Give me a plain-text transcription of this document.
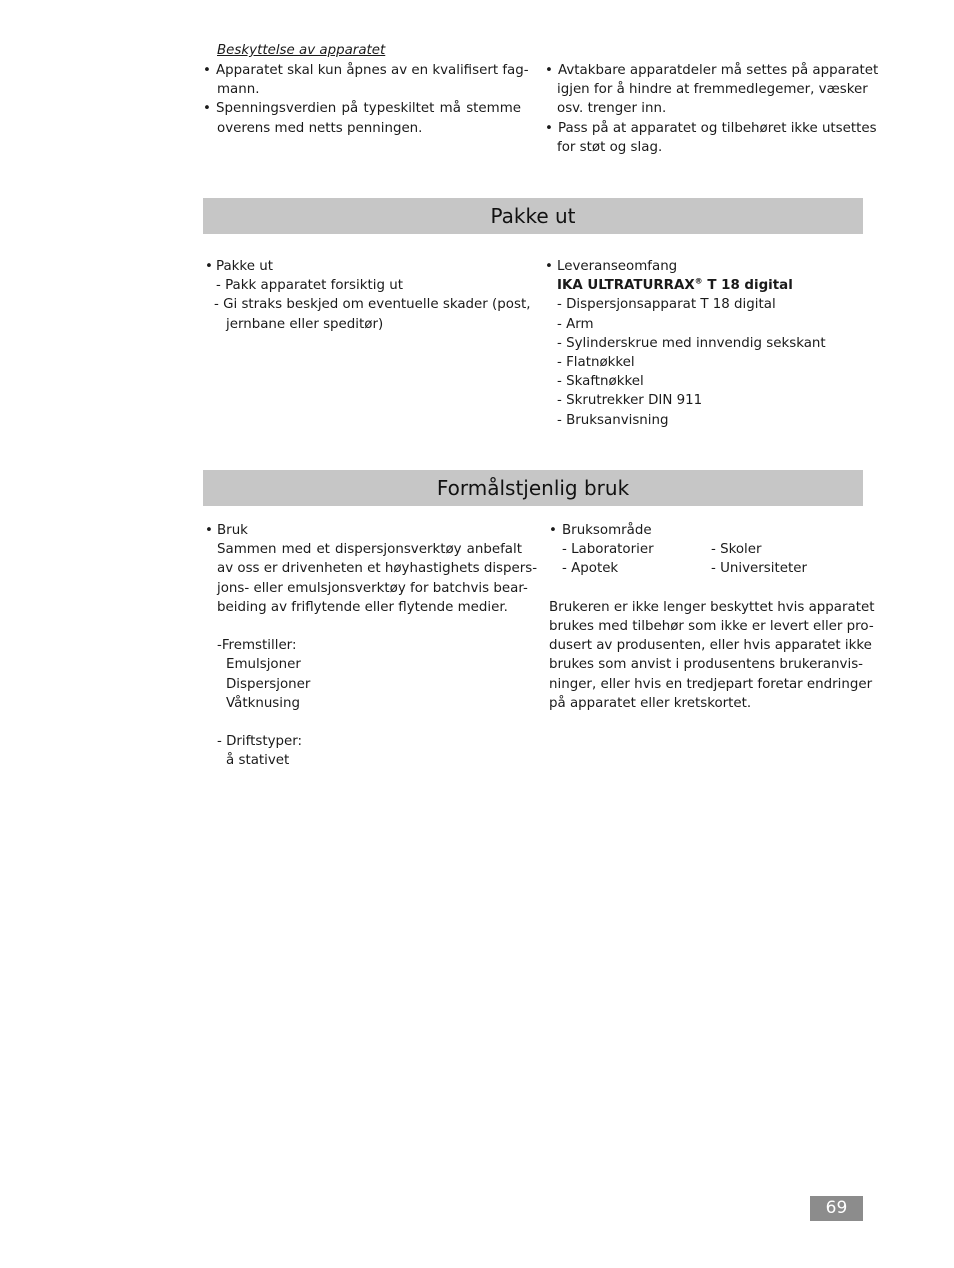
Beskyttelse av apparatet
• Apparatet skal kun åpnes av en kvalifisert fag-
mann.
• Spenningsverdien på typeskiltet må stemme
overens med netts penningen.
• Avtakbare apparatdeler må settes på apparatet
igjen for å hindre at fremmedlegemer, væsker
osv. trenger inn.
• Pass på at apparatet og tilbehøret ikke utsettes
for støt og slag.
Pakke ut
• Pakke ut
- Pakk apparatet forsiktig ut
- Gi straks beskjed om eventuelle skader (post,
jernbane eller speditør)
• Leveranseomfang
IKA ULTRATURRAX® T 18 digital
- Dispersjonsapparat T 18 digital
- Arm
- Sylinderskrue med innvendig sekskant
- Flatnøkkel
- Skaftnøkkel
- Skrutrekker DIN 911
- Bruksanvisning
Formålstjenlig bruk
• Bruk
Sammen med et dispersjonsverktøy anbefalt
av oss er drivenheten et høyhastighets dispers-
jons- eller emulsjonsverktøy for batchvis bear-
beiding av friflytende eller flytende medier.
-Fremstiller:
Emulsjoner
Dispersjoner
Våtknusing
- Driftstyper:
å stativet
• Bruksområde
- Laboratorier	- Skoler
- Apotek	- Universiteter
Brukeren er ikke lenger beskyttet hvis apparatet
brukes med tilbehør som ikke er levert eller pro-
dusert av produsenten, eller hvis apparatet ikke
brukes som anvist i produsentens brukeranvis-
ninger, eller hvis en tredjepart foretar endringer
på apparatet eller kretskortet.
69
